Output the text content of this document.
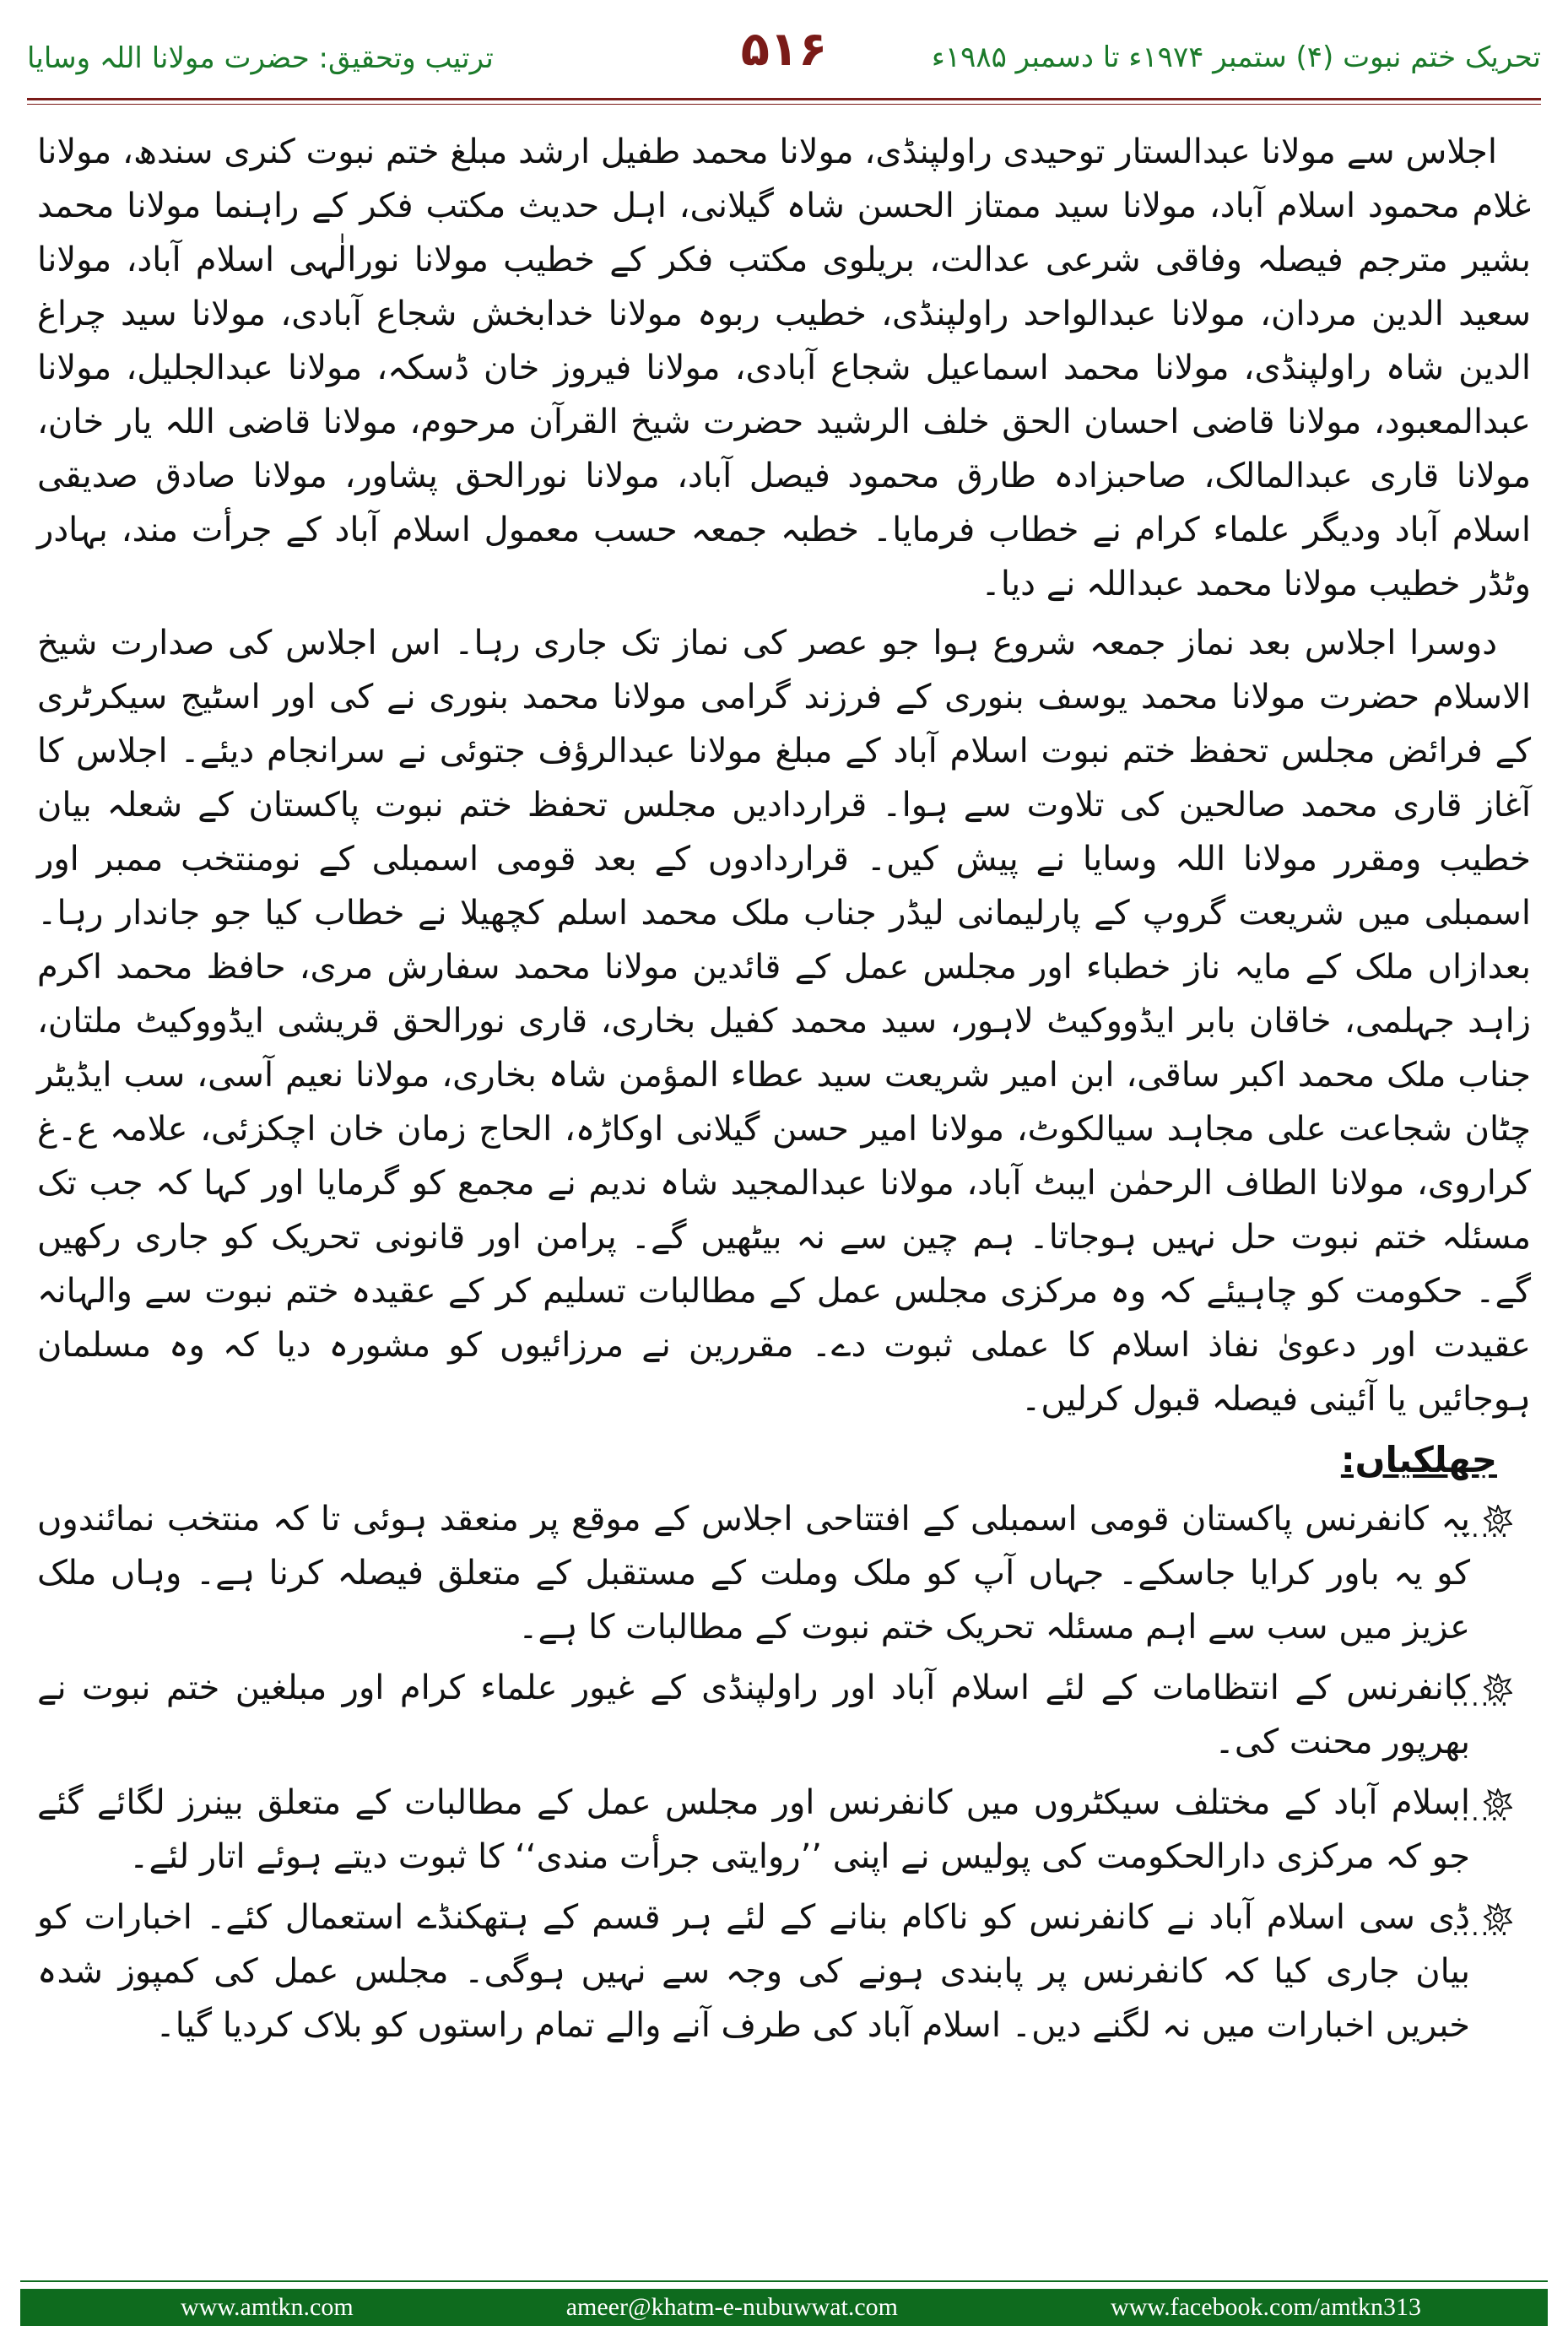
تحریک ختم نبوت (۴) ستمبر ۱۹۷۴ء تا دسمبر ۱۹۸۵ء
۵۱۶
ترتیب وتحقیق: حضرت مولانا اللہ وسایا

اجلاس سے مولانا عبدالستار توحیدی راولپنڈی، مولانا محمد طفیل ارشد مبلغ ختم نبوت کنری سندھ، مولانا غلام محمود اسلام آباد، مولانا سید ممتاز الحسن شاہ گیلانی، اہل حدیث مکتب فکر کے راہنما مولانا محمد بشیر مترجم فیصلہ وفاقی شرعی عدالت، بریلوی مکتب فکر کے خطیب مولانا نورالٰہی اسلام آباد، مولانا سعید الدین مردان، مولانا عبدالواحد راولپنڈی، خطیب ربوہ مولانا خدابخش شجاع آبادی، مولانا سید چراغ الدین شاہ راولپنڈی، مولانا محمد اسماعیل شجاع آبادی، مولانا فیروز خان ڈسکہ، مولانا عبدالجلیل، مولانا عبدالمعبود، مولانا قاضی احسان الحق خلف الرشید حضرت شیخ القرآن مرحوم، مولانا قاضی اللہ یار خان، مولانا قاری عبدالمالک، صاحبزادہ طارق محمود فیصل آباد، مولانا نورالحق پشاور، مولانا صادق صدیقی اسلام آباد ودیگر علماء کرام نے خطاب فرمایا۔ خطبہ جمعہ حسب معمول اسلام آباد کے جرأت مند، بہادر وٹڈر خطیب مولانا محمد عبداللہ نے دیا۔

دوسرا اجلاس بعد نماز جمعہ شروع ہوا جو عصر کی نماز تک جاری رہا۔ اس اجلاس کی صدارت شیخ الاسلام حضرت مولانا محمد یوسف بنوری کے فرزند گرامی مولانا محمد بنوری نے کی اور اسٹیج سیکرٹری کے فرائض مجلس تحفظ ختم نبوت اسلام آباد کے مبلغ مولانا عبدالرؤف جتوئی نے سرانجام دیئے۔ اجلاس کا آغاز قاری محمد صالحین کی تلاوت سے ہوا۔ قراردادیں مجلس تحفظ ختم نبوت پاکستان کے شعلہ بیان خطیب ومقرر مولانا اللہ وسایا نے پیش کیں۔ قراردادوں کے بعد قومی اسمبلی کے نومنتخب ممبر اور اسمبلی میں شریعت گروپ کے پارلیمانی لیڈر جناب ملک محمد اسلم کچھیلا نے خطاب کیا جو جاندار رہا۔ بعدازاں ملک کے مایہ ناز خطباء اور مجلس عمل کے قائدین مولانا محمد سفارش مری، حافظ محمد اکرم زاہد جہلمی، خاقان بابر ایڈووکیٹ لاہور، سید محمد کفیل بخاری، قاری نورالحق قریشی ایڈووکیٹ ملتان، جناب ملک محمد اکبر ساقی، ابن امیر شریعت سید عطاء المؤمن شاہ بخاری، مولانا نعیم آسی، سب ایڈیٹر چٹان شجاعت علی مجاہد سیالکوٹ، مولانا امیر حسن گیلانی اوکاڑہ، الحاج زمان خان اچکزئی، علامہ ع۔غ کراروی، مولانا الطاف الرحمٰن ایبٹ آباد، مولانا عبدالمجید شاہ ندیم نے مجمع کو گرمایا اور کہا کہ جب تک مسئلہ ختم نبوت حل نہیں ہوجاتا۔ ہم چین سے نہ بیٹھیں گے۔ پرامن اور قانونی تحریک کو جاری رکھیں گے۔ حکومت کو چاہیئے کہ وہ مرکزی مجلس عمل کے مطالبات تسلیم کر کے عقیدہ ختم نبوت سے والہانہ عقیدت اور دعویٰ نفاذ اسلام کا عملی ثبوت دے۔ مقررین نے مرزائیوں کو مشورہ دیا کہ وہ مسلمان ہوجائیں یا آئینی فیصلہ قبول کرلیں۔

جھلکیاں:
......
یہ کانفرنس پاکستان قومی اسمبلی کے افتتاحی اجلاس کے موقع پر منعقد ہوئی تا کہ منتخب نمائندوں کو یہ باور کرایا جاسکے۔ جہاں آپ کو ملک وملت کے مستقبل کے متعلق فیصلہ کرنا ہے۔ وہاں ملک عزیز میں سب سے اہم مسئلہ تحریک ختم نبوت کے مطالبات کا ہے۔
......
کانفرنس کے انتظامات کے لئے اسلام آباد اور راولپنڈی کے غیور علماء کرام اور مبلغین ختم نبوت نے بھرپور محنت کی۔
......
اسلام آباد کے مختلف سیکٹروں میں کانفرنس اور مجلس عمل کے مطالبات کے متعلق بینرز لگائے گئے جو کہ مرکزی دارالحکومت کی پولیس نے اپنی ’’روایتی جرأت مندی‘‘ کا ثبوت دیتے ہوئے اتار لئے۔
......
ڈی سی اسلام آباد نے کانفرنس کو ناکام بنانے کے لئے ہر قسم کے ہتھکنڈے استعمال کئے۔ اخبارات کو بیان جاری کیا کہ کانفرنس پر پابندی ہونے کی وجہ سے نہیں ہوگی۔ مجلس عمل کی کمپوز شدہ خبریں اخبارات میں نہ لگنے دیں۔ اسلام آباد کی طرف آنے والے تمام راستوں کو بلاک کردیا گیا۔
www.amtkn.com	ameer@khatm-e-nubuwwat.com	www.facebook.com/amtkn313
